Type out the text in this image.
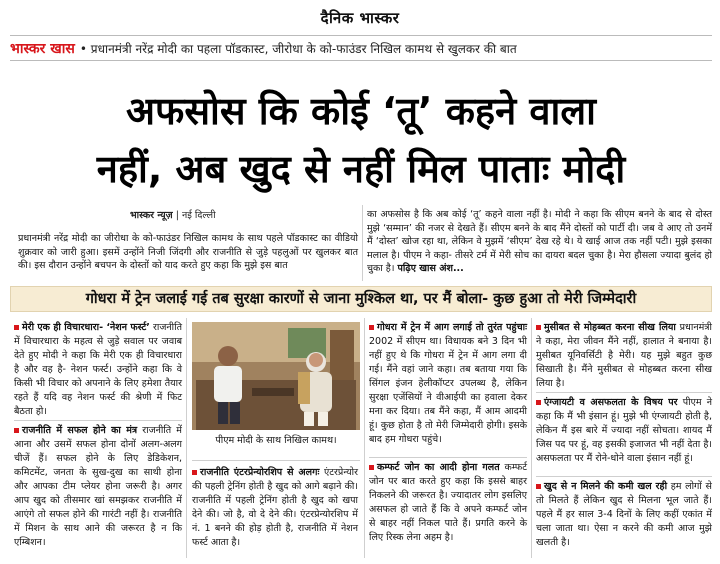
दैनिक भास्कर
भास्कर खास • प्रधानमंत्री नरेंद्र मोदी का पहला पॉडकास्ट, जीरोधा के को-फाउंडर निखिल कामथ से खुलकर की बात
अफसोस कि कोई ‘तू’ कहने वाला
नहीं, अब खुद से नहीं मिल पाताः मोदी
भास्कर न्यूज़ | नई दिल्ली
प्रधानमंत्री नरेंद्र मोदी का जीरोधा के को-फाउंडर निखिल कामथ के साथ पहले पॉडकास्ट का वीडियो शुक्रवार को जारी हुआ। इसमें उन्होंने निजी जिंदगी और राजनीति से जुड़े पहलुओं पर खुलकर बात की। इस दौरान उन्होंने बचपन के दोस्तों को याद करते हुए कहा कि मुझे इस बात
का अफसोस है कि अब कोई ‘तू’ कहने वाला नहीं है। मोदी ने कहा कि सीएम बनने के बाद से दोस्त मुझे ‘सम्मान’ की नजर से देखते हैं। सीएम बनने के बाद मैंने दोस्तों को पार्टी दी। जब वे आए तो उनमें मैं ‘दोस्त’ खोज रहा था, लेकिन वे मुझमें ‘सीएम’ देख रहे थे। ये खाई आज तक नहीं पटी। मुझे इसका मलाल है। पीएम ने कहा- तीसरे टर्म में मेरी सोच का दायरा बदल चुका है। मेरा हौसला ज्यादा बुलंद हो चुका है। पढ़िए खास अंश...
गोधरा में ट्रेन जलाई गई तब सुरक्षा कारणों से जाना मुश्किल था, पर मैं बोला- कुछ हुआ तो मेरी जिम्मेदारी
मेरी एक ही विचारधारा- ‘नेशन फर्स्ट’ राजनीति में विचारधारा के महत्व से जुड़े सवाल पर जवाब देते हुए मोदी ने कहा कि मेरी एक ही विचारधारा है और वह है- नेशन फर्स्ट। उन्होंने कहा कि वे किसी भी विचार को अपनाने के लिए हमेशा तैयार रहते हैं यदि वह नेशन फर्स्ट की श्रेणी में फिट बैठता हो।
राजनीति में सफल होने का मंत्र राजनीति में आना और उसमें सफल होना दोनों अलग-अलग चीजें हैं। सफल होने के लिए डेडिकेशन, कमिटमेंट, जनता के सुख-दुख का साथी होना और आपका टीम प्लेयर होना जरूरी है। अगर आप खुद को तीसमार खां समझकर राजनीति में आएंगे तो सफल होने की गारंटी नहीं है। राजनीति में मिशन के साथ आने की जरूरत है न कि एम्बिशन।
पीएम मोदी के साथ निखिल कामथ।
राजनीति एंटरप्रेन्योरशिप से अलगः एंटरप्रेन्योर की पहली ट्रेनिंग होती है खुद को आगे बढ़ाने की। राजनीति में पहली ट्रेनिंग होती है खुद को खपा देने की। जो है, वो दे देने की। एंटरप्रेन्योरशिप में नं. 1 बनने की होड़ होती है, राजनीति में नेशन फर्स्ट आता है।
गोधरा में ट्रेन में आग लगाई तो तुरंत पहुंचाः 2002 में सीएम था। विधायक बने 3 दिन भी नहीं हुए थे कि गोधरा में ट्रेन में आग लगा दी गई। मैंने वहां जाने कहा। तब बताया गया कि सिंगल इंजन हेलीकॉप्टर उपलब्ध है, लेकिन सुरक्षा एजेंसियों ने वीआईपी का हवाला देकर मना कर दिया। तब मैंने कहा, मैं आम आदमी हूं। कुछ होता है तो मेरी जिम्मेदारी होगी। इसके बाद हम गोधरा पहुंचे।
कम्फर्ट जोन का आदी होना गलत कम्फर्ट जोन पर बात करते हुए कहा कि इससे बाहर निकलने की जरूरत है। ज्यादातर लोग इसलिए असफल हो जाते हैं कि वे अपने कम्फर्ट जोन से बाहर नहीं निकल पाते हैं। प्रगति करने के लिए रिस्क लेना अहम है।
मुसीबत से मोहब्बत करना सीख लिया प्रधानमंत्री ने कहा, मेरा जीवन मैंने नहीं, हालात ने बनाया है। मुसीबत यूनिवर्सिटी है मेरी। यह मुझे बहुत कुछ सिखाती है। मैंने मुसीबत से मोहब्बत करना सीख लिया है।
एंग्जायटी व असफलता के विषय पर पीएम ने कहा कि मैं भी इंसान हूं। मुझे भी एंग्जायटी होती है, लेकिन मैं इस बारे में ज्यादा नहीं सोचता। शायद मैं जिस पद पर हूं, वह इसकी इजाजत भी नहीं देता है। असफलता पर मैं रोने-धोने वाला इंसान नहीं हूं।
खुद से न मिलने की कमी खल रही हम लोगों से तो मिलते हैं लेकिन खुद से मिलना भूल जाते हैं। पहले मैं हर साल 3-4 दिनों के लिए कहीं एकांत में चला जाता था। ऐसा न करने की कमी आज मुझे खलती है।
